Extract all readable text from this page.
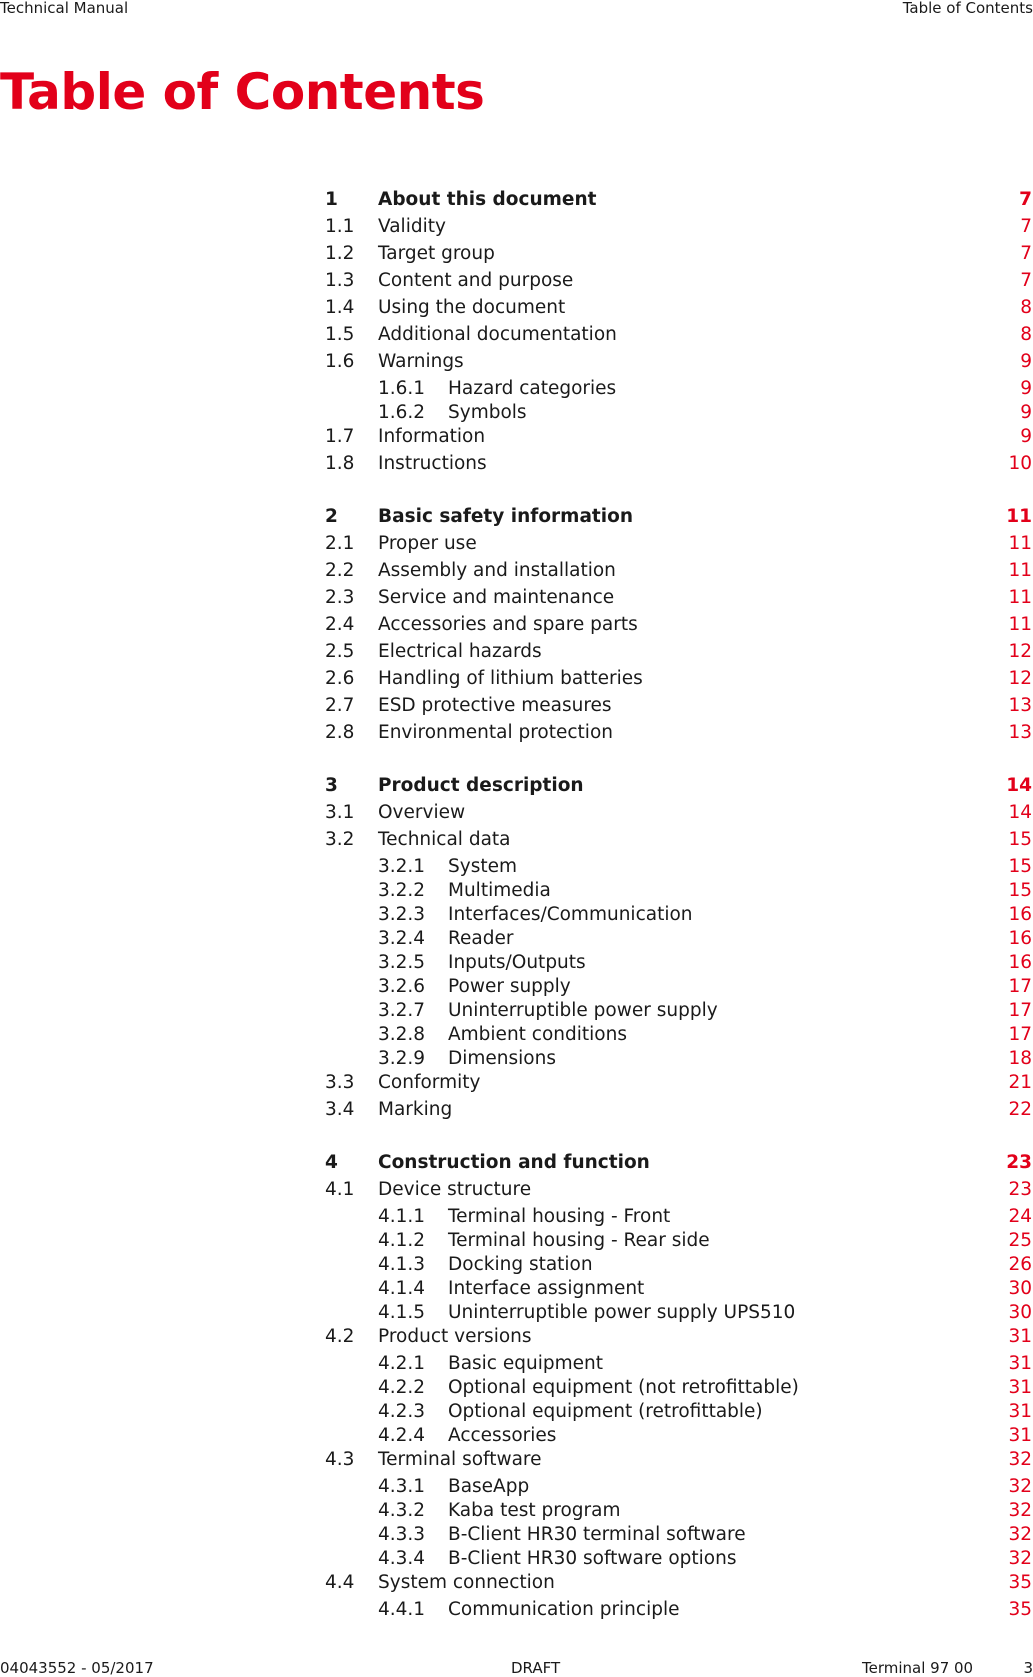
Technical Manual	Table of Contents
Table of Contents
1 About this document	7
1.1 Validity	7
1.2 Target group	7
1.3 Content and purpose	7
1.4 Using the document	8
1.5 Additional documentation	8
1.6 Warnings	9
1.6.1 Hazard categories	9
1.6.2 Symbols	9
1.7 Information	9
1.8 Instructions	10
2 Basic safety information	11
2.1 Proper use	11
2.2 Assembly and installation	11
2.3 Service and maintenance	11
2.4 Accessories and spare parts	11
2.5 Electrical hazards	12
2.6 Handling of lithium batteries	12
2.7 ESD protective measures	13
2.8 Environmental protection	13
3 Product description	14
3.1 Overview	14
3.2 Technical data	15
3.2.1 System	15
3.2.2 Multimedia	15
3.2.3 Interfaces/Communication	16
3.2.4 Reader	16
3.2.5 Inputs/Outputs	16
3.2.6 Power supply	17
3.2.7 Uninterruptible power supply	17
3.2.8 Ambient conditions	17
3.2.9 Dimensions	18
3.3 Conformity	21
3.4 Marking	22
4 Construction and function	23
4.1 Device structure	23
4.1.1 Terminal housing - Front	24
4.1.2 Terminal housing - Rear side	25
4.1.3 Docking station	26
4.1.4 Interface assignment	30
4.1.5 Uninterruptible power supply UPS510	30
4.2 Product versions	31
4.2.1 Basic equipment	31
4.2.2 Optional equipment (not retrofittable)	31
4.2.3 Optional equipment (retrofittable)	31
4.2.4 Accessories	31
4.3 Terminal software	32
4.3.1 BaseApp	32
4.3.2 Kaba test program	32
4.3.3 B-Client HR30 terminal software	32
4.3.4 B-Client HR30 software options	32
4.4 System connection	35
4.4.1 Communication principle	35
04043552 - 05/2017	DRAFT	Terminal 97 00	3
